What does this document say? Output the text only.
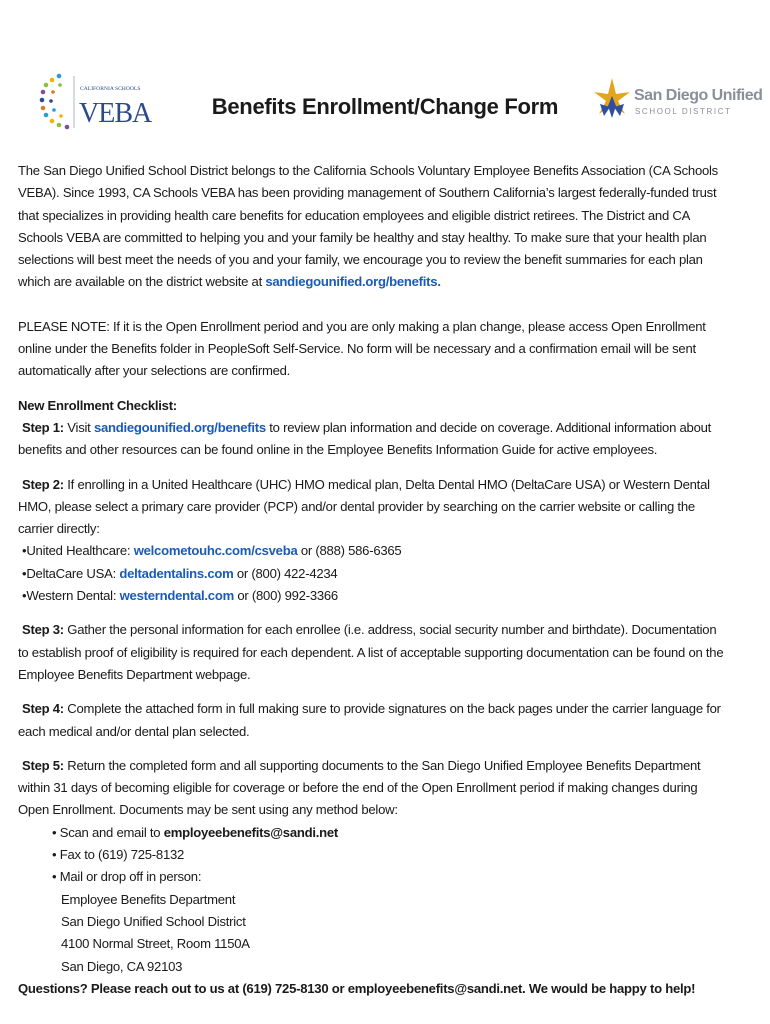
CALIFORNIA SCHOOLS
VEBA	Benefits Enrollment/Change Form	San Diego Unified
SCHOOL DISTRICT

The San Diego Unified School District belongs to the California Schools Voluntary Employee Benefits Association (CA Schools VEBA). Since 1993, CA Schools VEBA has been providing management of Southern California’s largest federally-funded trust that specializes in providing health care benefits for education employees and eligible district retirees. The District and CA Schools VEBA are committed to helping you and your family be healthy and stay healthy. To make sure that your health plan selections will best meet the needs of you and your family, we encourage you to review the benefit summaries for each plan which are available on the district website at sandiegounified.org/benefits.

PLEASE NOTE: If it is the Open Enrollment period and you are only making a plan change, please access Open Enrollment online under the Benefits folder in PeopleSoft Self-Service. No form will be necessary and a confirmation email will be sent automatically after your selections are confirmed.

New Enrollment Checklist:

Step 1: Visit sandiegounified.org/benefits to review plan information and decide on coverage. Additional information about benefits and other resources can be found online in the Employee Benefits Information Guide for active employees.

Step 2: If enrolling in a United Healthcare (UHC) HMO medical plan, Delta Dental HMO (DeltaCare USA) or Western Dental HMO, please select a primary care provider (PCP) and/or dental provider by searching on the carrier website or calling the carrier directly:

•United Healthcare: welcometouhc.com/csveba or (888) 586-6365

•DeltaCare USA: deltadentalins.com or (800) 422-4234

•Western Dental: westerndental.com or (800) 992-3366

Step 3: Gather the personal information for each enrollee (i.e. address, social security number and birthdate). Documentation to establish proof of eligibility is required for each dependent. A list of acceptable supporting documentation can be found on the Employee Benefits Department webpage.

Step 4: Complete the attached form in full making sure to provide signatures on the back pages under the carrier language for each medical and/or dental plan selected.

Step 5: Return the completed form and all supporting documents to the San Diego Unified Employee Benefits Department within 31 days of becoming eligible for coverage or before the end of the Open Enrollment period if making changes during Open Enrollment. Documents may be sent using any method below:

• Scan and email to employeebenefits@sandi.net

• Fax to (619) 725-8132

• Mail or drop off in person:

Employee Benefits Department

San Diego Unified School District

4100 Normal Street, Room 1150A

San Diego, CA 92103

Questions? Please reach out to us at (619) 725-8130 or employeebenefits@sandi.net. We would be happy to help!
